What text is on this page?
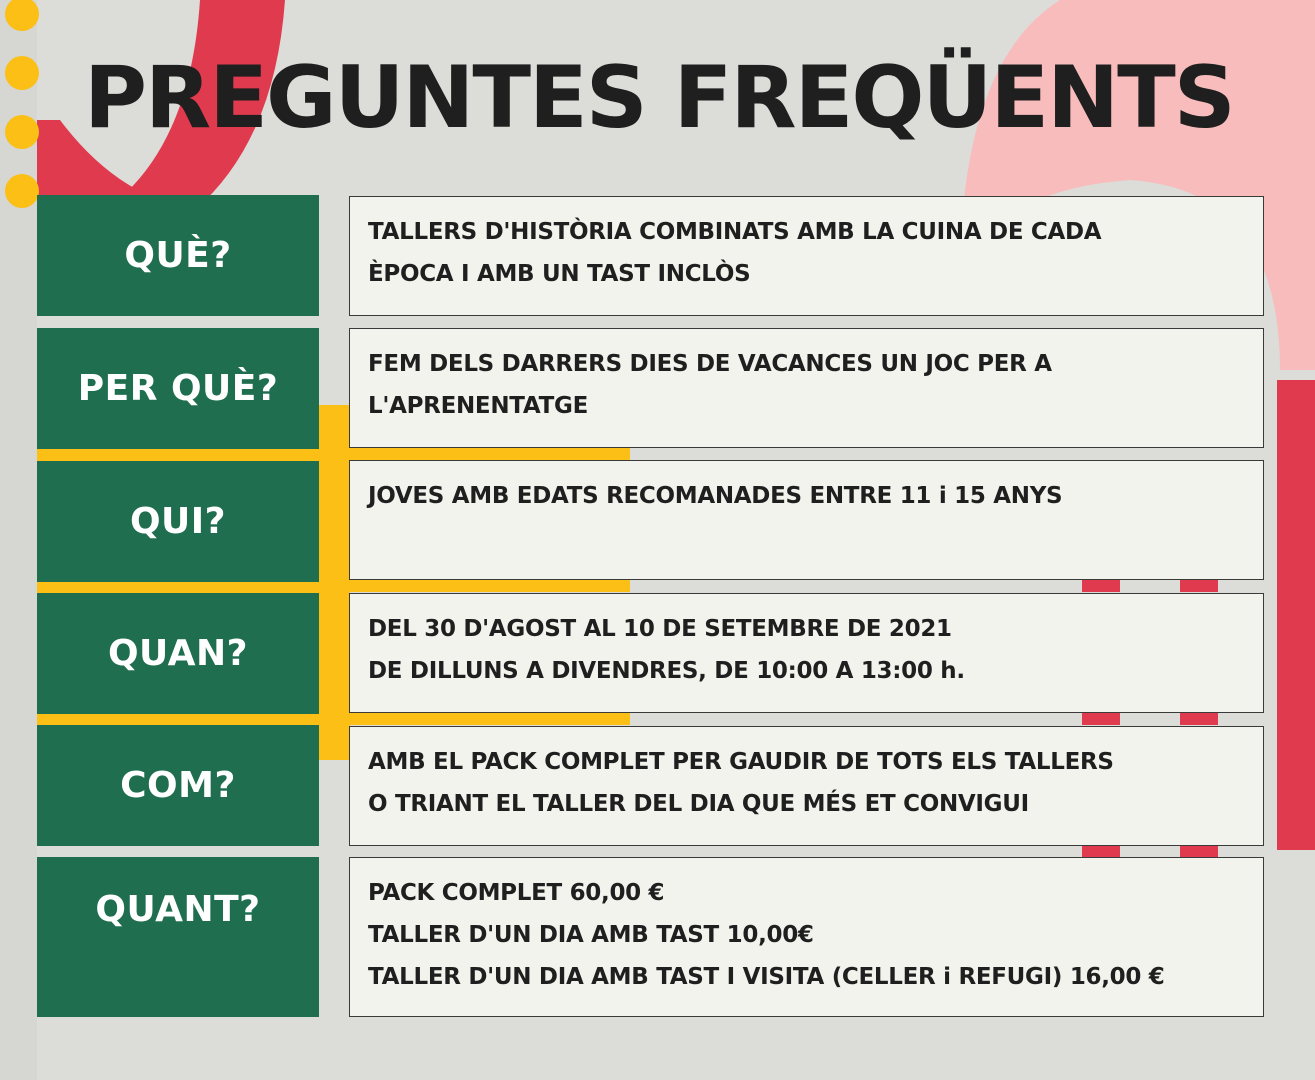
PREGUNTES FREQÜENTS
QUÈ?
TALLERS D'HISTÒRIA COMBINATS AMB LA CUINA DE CADA
ÈPOCA I AMB UN TAST INCLÒS
PER QUÈ?
FEM DELS DARRERS DIES DE VACANCES UN JOC PER A
L'APRENENTATGE
QUI?
JOVES AMB EDATS RECOMANADES ENTRE 11 i 15 ANYS
QUAN?
DEL 30 D'AGOST AL 10 DE SETEMBRE DE 2021
DE DILLUNS A DIVENDRES, DE 10:00 A 13:00 h.
COM?
AMB EL PACK COMPLET PER GAUDIR DE TOTS ELS TALLERS
O TRIANT EL TALLER DEL DIA QUE MÉS ET CONVIGUI
QUANT?	PACK COMPLET 60,00 €
TALLER D'UN DIA AMB TAST 10,00€
TALLER D'UN DIA AMB TAST I VISITA (CELLER i REFUGI) 16,00 €
